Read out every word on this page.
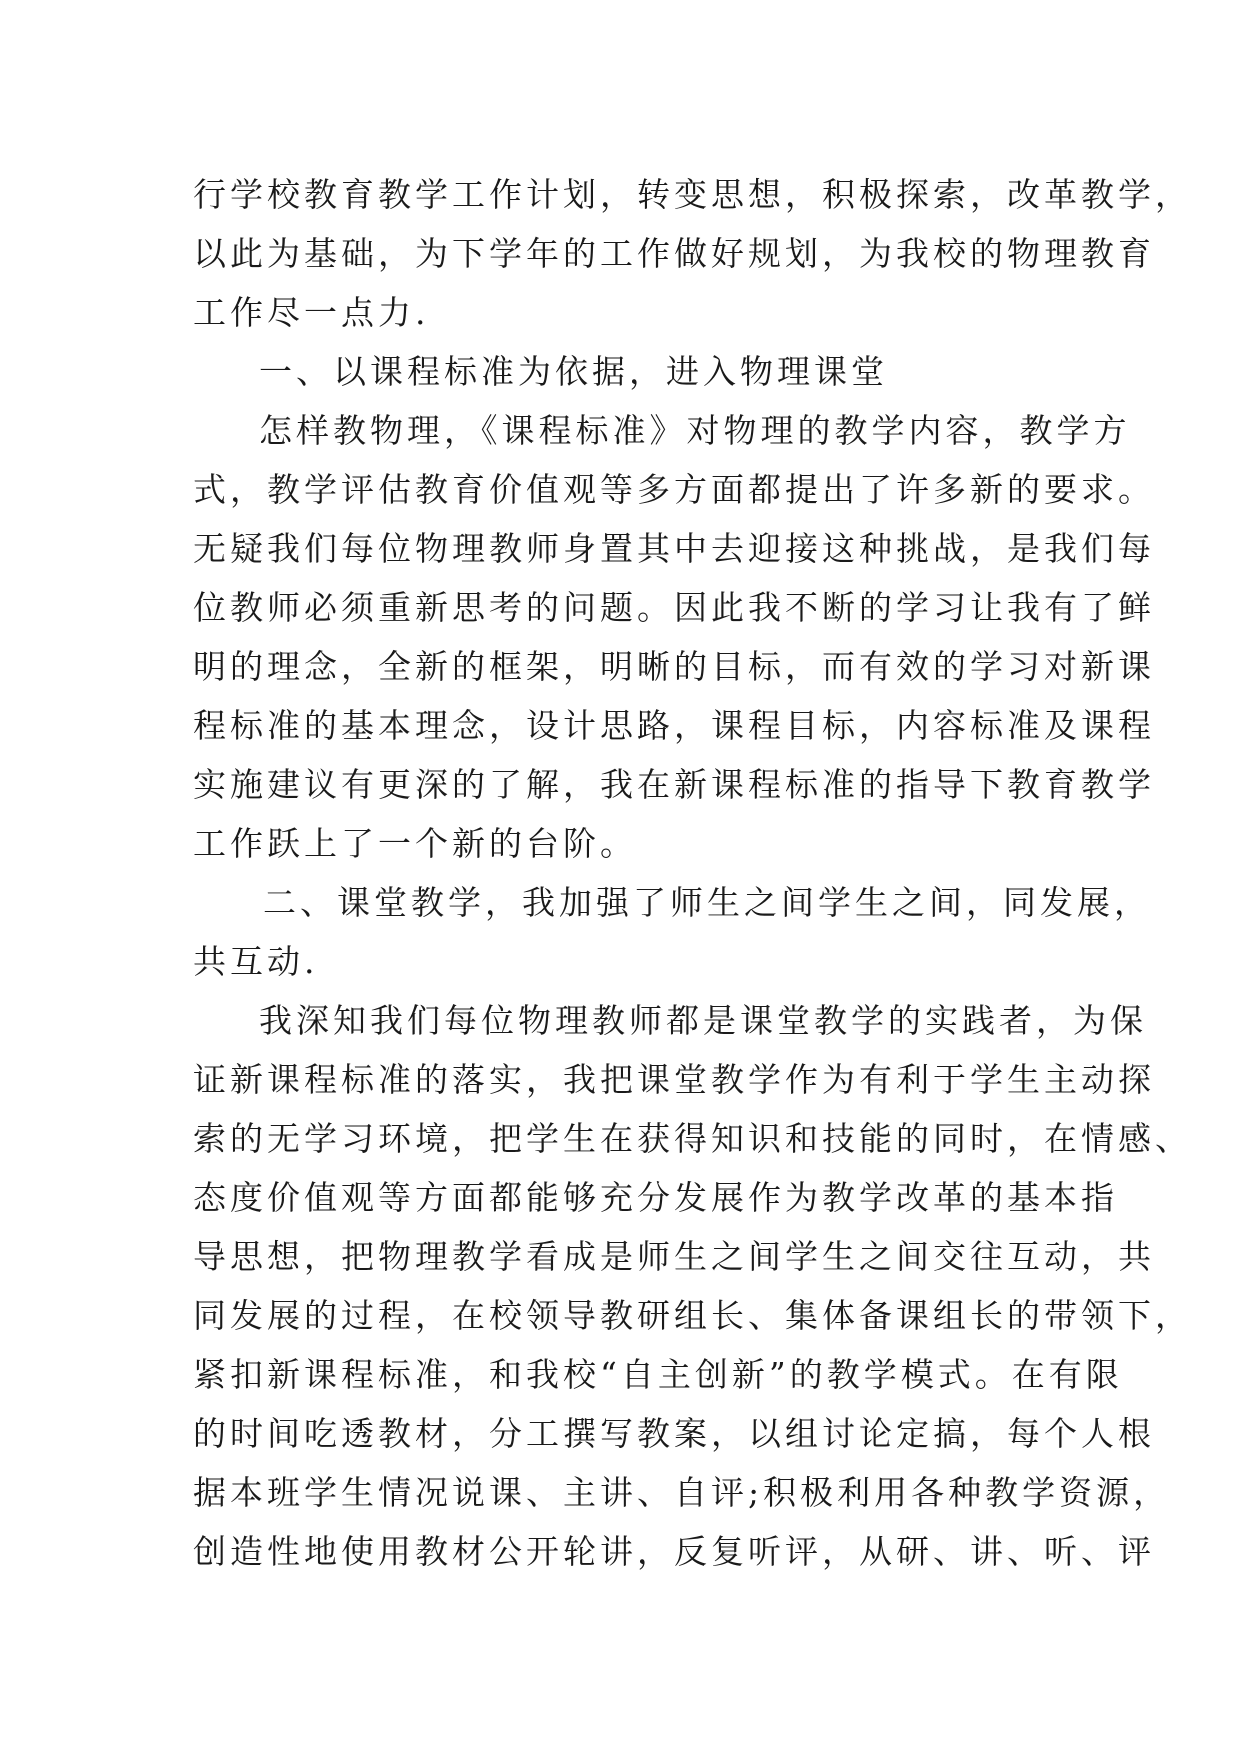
行学校教育教学工作计划，转变思想，积极探索，改革教学，
以此为基础，为下学年的工作做好规划，为我校的物理教育
工作尽一点力.
一、以课程标准为依据，进入物理课堂
怎样教物理，《课程标准》对物理的教学内容，教学方
式，教学评估教育价值观等多方面都提出了许多新的要求。
无疑我们每位物理教师身置其中去迎接这种挑战，是我们每
位教师必须重新思考的问题。因此我不断的学习让我有了鲜
明的理念，全新的框架，明晰的目标，而有效的学习对新课
程标准的基本理念，设计思路，课程目标，内容标准及课程
实施建议有更深的了解，我在新课程标准的指导下教育教学
工作跃上了一个新的台阶。
二、课堂教学，我加强了师生之间学生之间，同发展，
共互动.
我深知我们每位物理教师都是课堂教学的实践者，为保
证新课程标准的落实，我把课堂教学作为有利于学生主动探
索的无学习环境，把学生在获得知识和技能的同时，在情感、
态度价值观等方面都能够充分发展作为教学改革的基本指
导思想，把物理教学看成是师生之间学生之间交往互动，共
同发展的过程，在校领导教研组长、集体备课组长的带领下，
紧扣新课程标准，和我校“自主创新”的教学模式。在有限
的时间吃透教材，分工撰写教案，以组讨论定搞，每个人根
据本班学生情况说课、主讲、自评;积极利用各种教学资源，
创造性地使用教材公开轮讲，反复听评，从研、讲、听、评
